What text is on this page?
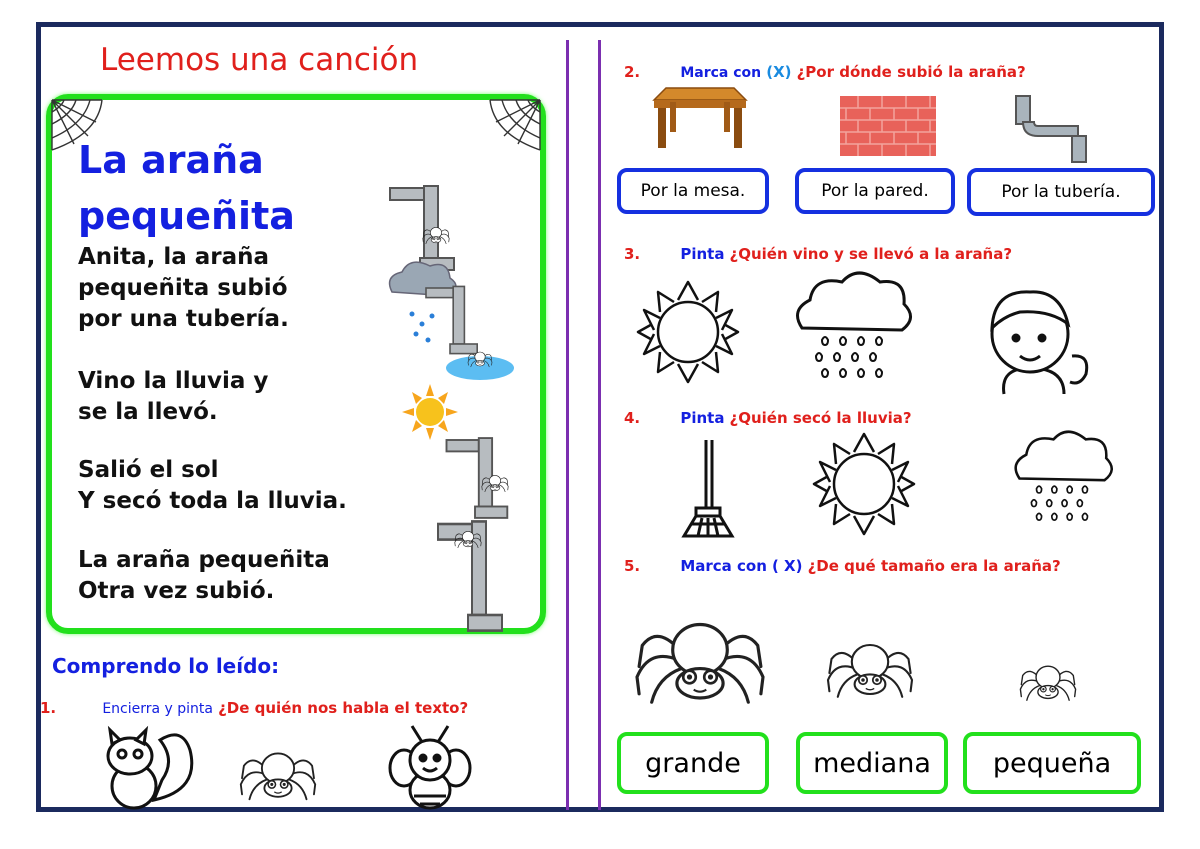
Leemos una canción
La araña
pequeñita
Anita, la araña
pequeñita subió
por una tubería.
Vino la lluvia y
se la llevó.
Salió el sol
Y secó toda la lluvia.
La araña pequeñita
Otra vez subió.
Comprendo lo leído:
1.	Encierra y pinta ¿De quién nos habla el texto?
2.	Marca con (X) ¿Por dónde subió la araña?
Por la mesa.	Por la pared.	Por la tubería.
3.	Pinta ¿Quién vino y se llevó a la araña?
4.	Pinta ¿Quién secó la lluvia?
5.	Marca con ( X) ¿De qué tamaño era la araña?
grande	mediana	pequeña
